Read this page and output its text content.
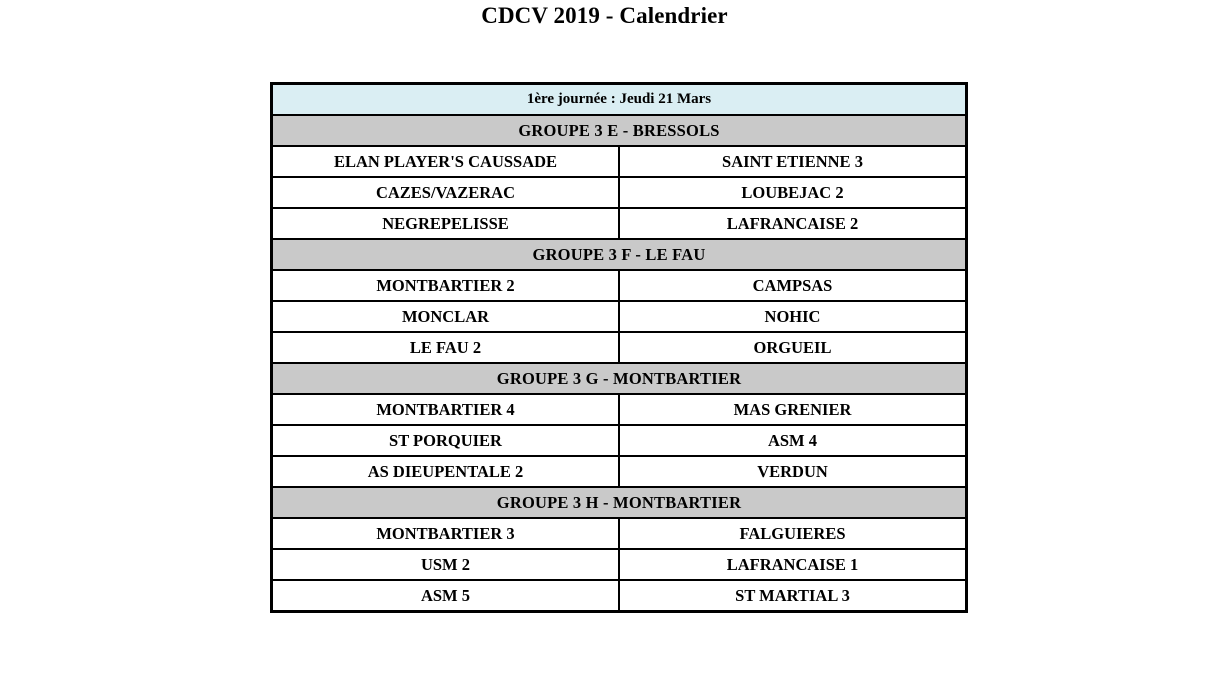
CDCV 2019 - Calendrier
1ère journée : Jeudi 21 Mars	
GROUPE 3 E - BRESSOLS	
ELAN PLAYER'S CAUSSADE	SAINT ETIENNE 3
CAZES/VAZERAC	LOUBEJAC 2
NEGREPELISSE	LAFRANCAISE 2
GROUPE 3 F - LE FAU	
MONTBARTIER 2	CAMPSAS
MONCLAR	NOHIC
LE FAU 2	ORGUEIL
GROUPE 3 G - MONTBARTIER	
MONTBARTIER 4	MAS GRENIER
ST PORQUIER	ASM 4
AS DIEUPENTALE 2	VERDUN
GROUPE 3 H - MONTBARTIER	
MONTBARTIER 3	FALGUIERES
USM 2	LAFRANCAISE 1
ASM 5	ST MARTIAL 3
